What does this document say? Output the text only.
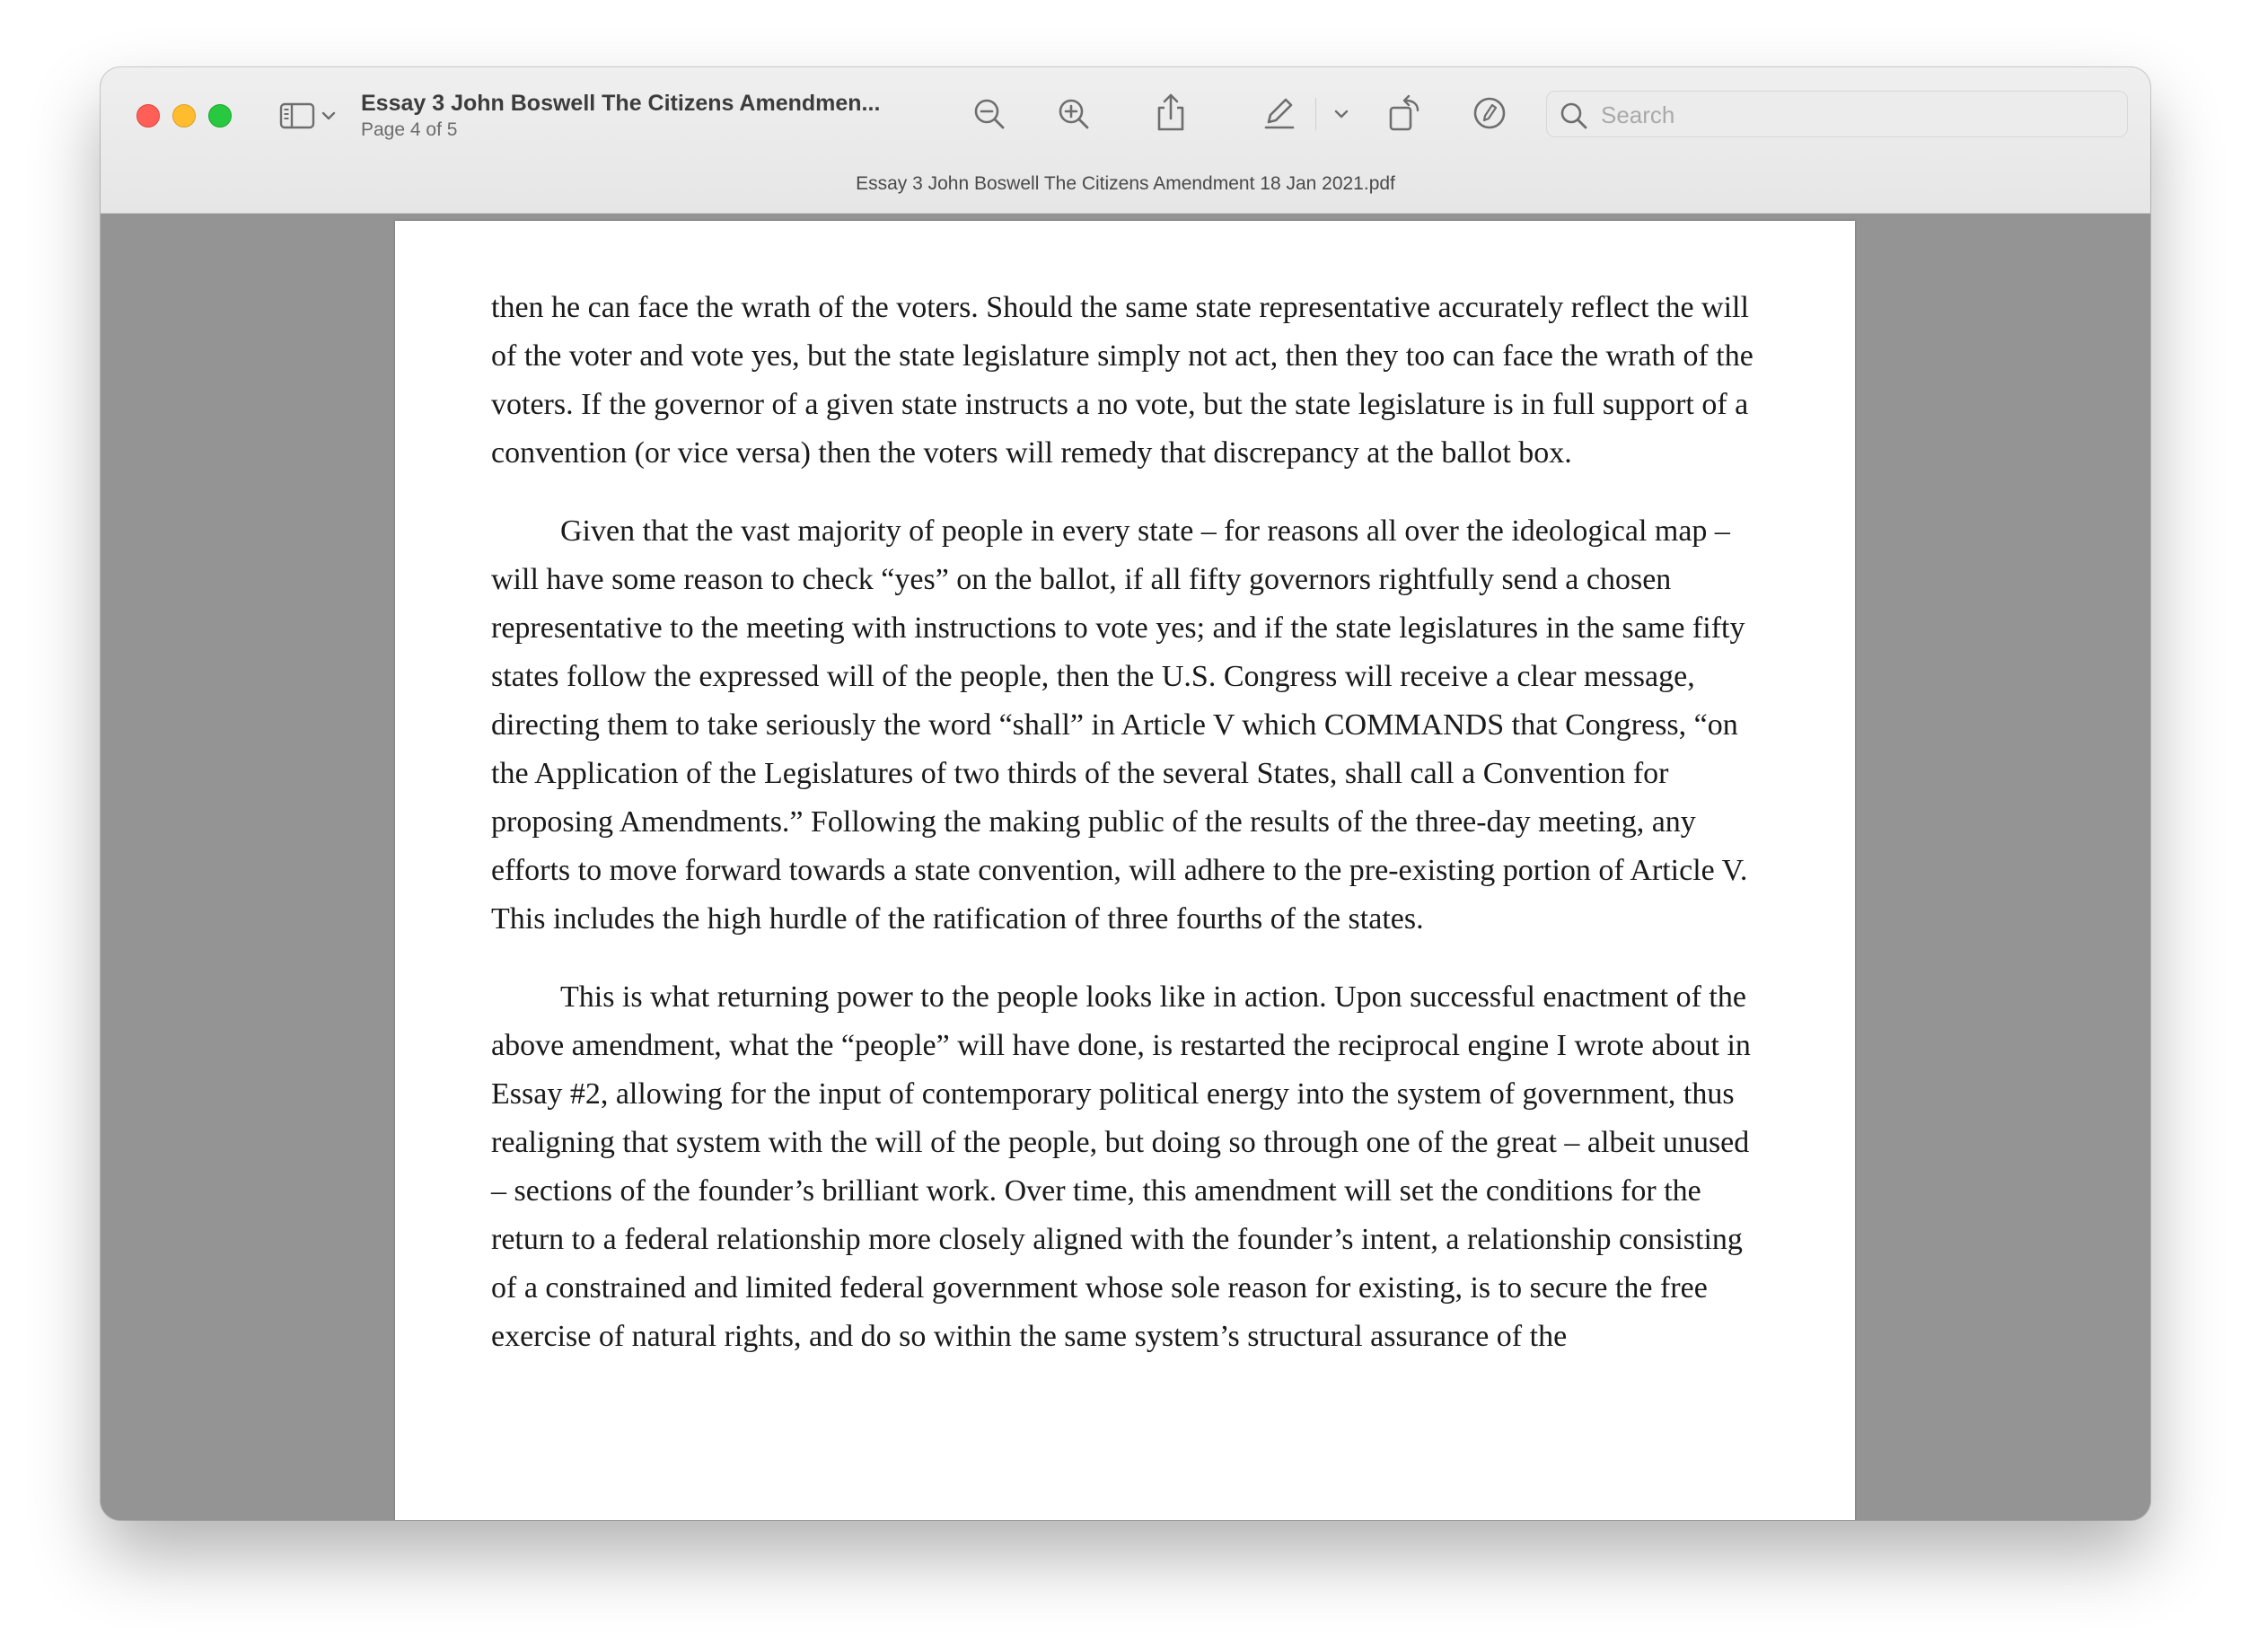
Essay 3 John Boswell The Citizens Amendmen...
Page 4 of 5
Search
Essay 3 John Boswell The Citizens Amendment 18 Jan 2021.pdf

then he can face the wrath of the voters. Should the same state representative accurately reflect the will of the voter and vote yes, but the state legislature simply not act, then they too can face the wrath of the voters. If the governor of a given state instructs a no vote, but the state legislature is in full support of a convention (or vice versa) then the voters will remedy that discrepancy at the ballot box.

Given that the vast majority of people in every state – for reasons all over the ideological map – will have some reason to check “yes” on the ballot, if all fifty governors rightfully send a chosen representative to the meeting with instructions to vote yes; and if the state legislatures in the same fifty states follow the expressed will of the people, then the U.S. Congress will receive a clear message, directing them to take seriously the word “shall” in Article V which COMMANDS that Congress, “on the Application of the Legislatures of two thirds of the several States, shall call a Convention for proposing Amendments.” Following the making public of the results of the three-day meeting, any efforts to move forward towards a state convention, will adhere to the pre-existing portion of Article V. This includes the high hurdle of the ratification of three fourths of the states.

This is what returning power to the people looks like in action. Upon successful enactment of the above amendment, what the “people” will have done, is restarted the reciprocal engine I wrote about in Essay #2, allowing for the input of contemporary political energy into the system of government, thus realigning that system with the will of the people, but doing so through one of the great – albeit unused – sections of the founder’s brilliant work. Over time, this amendment will set the conditions for the return to a federal relationship more closely aligned with the founder’s intent, a relationship consisting of a constrained and limited federal government whose sole reason for existing, is to secure the free exercise of natural rights, and do so within the same system’s structural assurance of the
